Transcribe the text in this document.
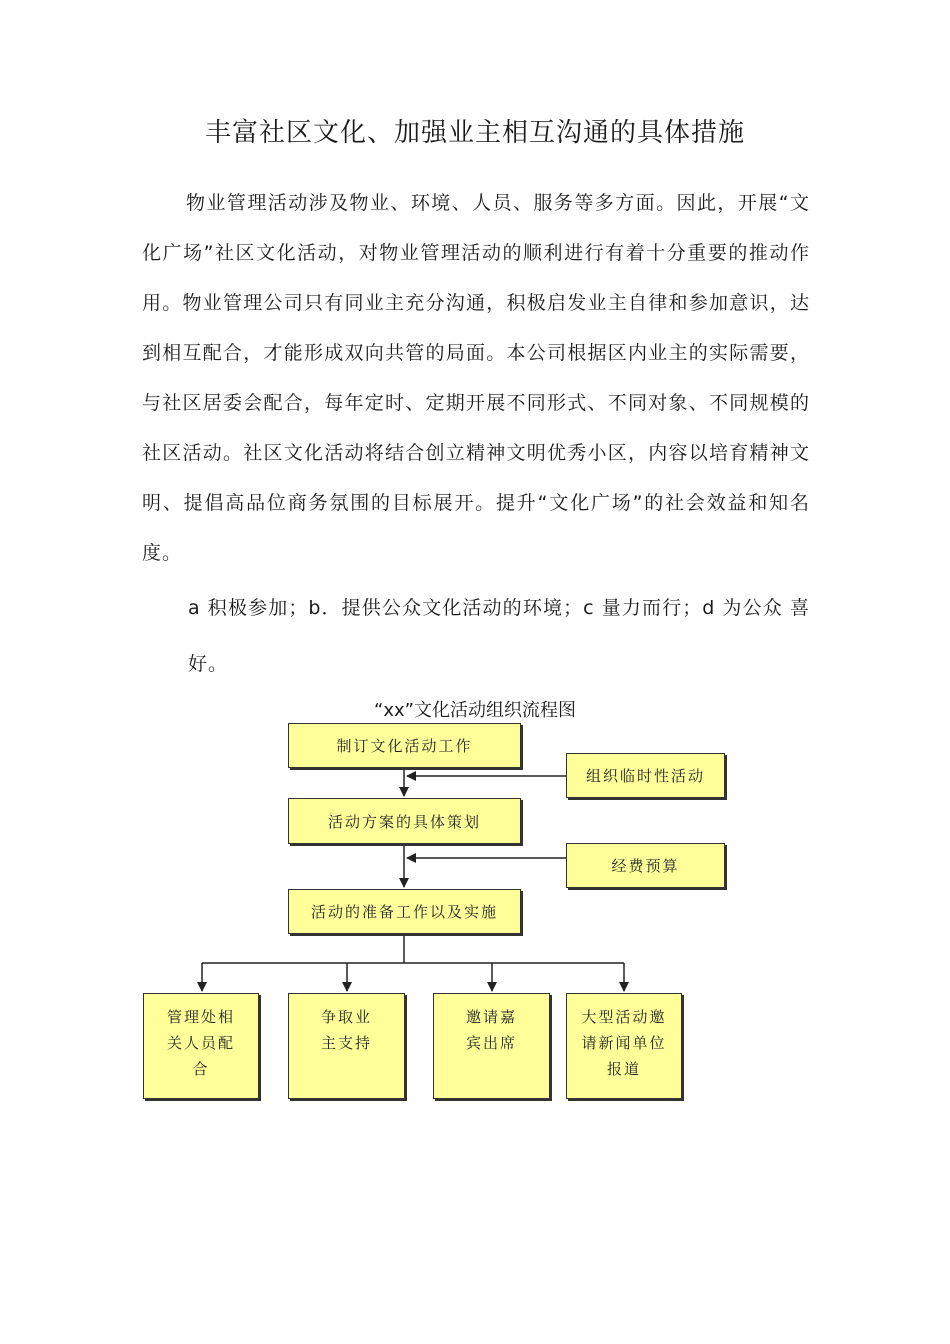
丰富社区文化、加强业主相互沟通的具体措施

物业管理活动涉及物业、环境、人员、服务等多方面。因此，开展“文化广场”社区文化活动，对物业管理活动的顺利进行有着十分重要的推动作用。物业管理公司只有同业主充分沟通，积极启发业主自律和参加意识，达到相互配合，才能形成双向共管的局面。本公司根据区内业主的实际需要，与社区居委会配合，每年定时、定期开展不同形式、不同对象、不同规模的社区活动。社区文化活动将结合创立精神文明优秀小区，内容以培育精神文明、提倡高品位商务氛围的目标展开。提升“文化广场”的社会效益和知名度。

a 积极参加；b．提供公众文化活动的环境；c 量力而行；d 为公众 喜好。

“xx”文化活动组织流程图
制订文化活动工作
组织临时性活动
活动方案的具体策划
经费预算
活动的准备工作以及实施
管理处相关人员配合
争取业主支持
邀请嘉宾出席
大型活动邀请新闻单位报道
